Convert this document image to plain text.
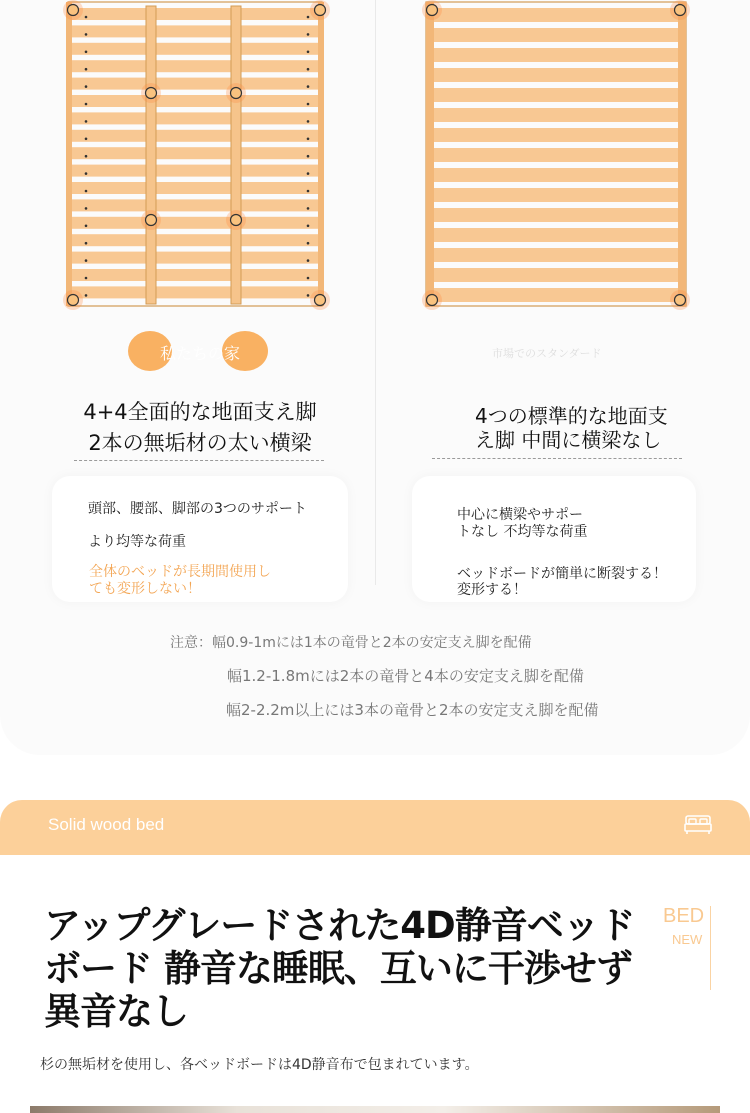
私たちの家	市場でのスタンダード
4+4全面的な地面支え脚
2本の無垢材の太い横梁
4つの標準的な地面支
え脚 中間に横梁なし
頭部、腰部、脚部の3つのサポート
より均等な荷重
全体のベッドが長期間使用し
ても変形しない！
中心に横梁やサポー
トなし 不均等な荷重
ベッドボードが簡単に断裂する！
変形する！
注意：幅0.9-1mには1本の竜骨と2本の安定支え脚を配備
幅1.2-1.8mには2本の竜骨と4本の安定支え脚を配備
幅2-2.2m以上には3本の竜骨と2本の安定支え脚を配備
Solid wood bed
BED
NEW
アップグレードされた4D静音ベッドボード 静音な睡眠、互いに干渉せず異音なし
杉の無垢材を使用し、各ベッドボードは4D静音布で包まれています。
